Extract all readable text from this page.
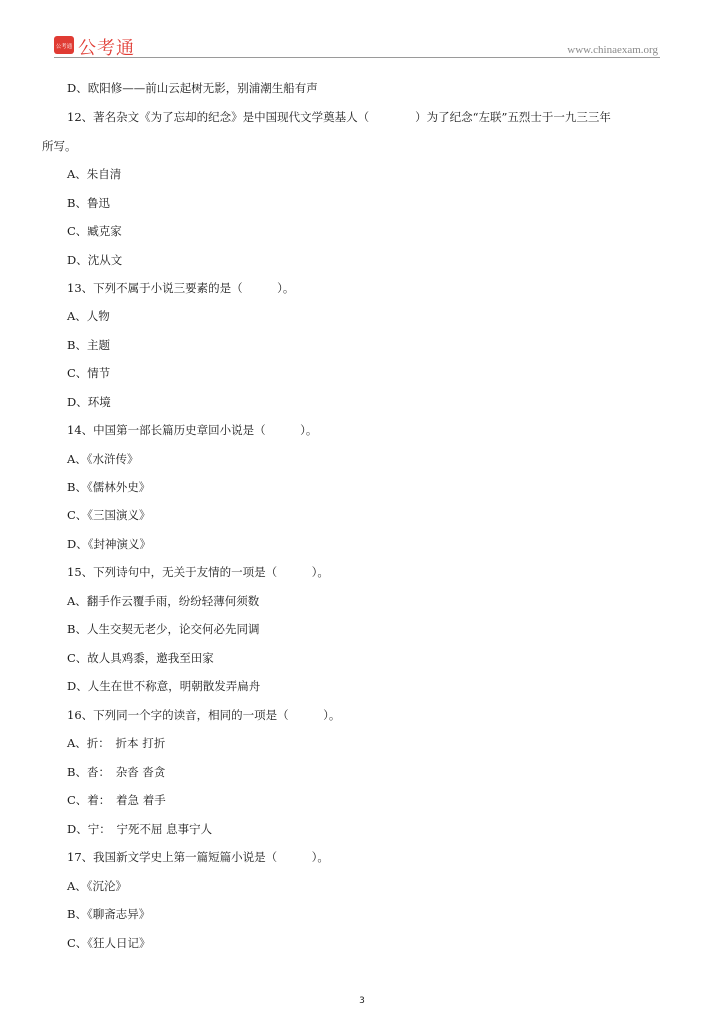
公考通 公考通	www.chinaexam.org
D、欧阳修——前山云起树无影，别浦潮生船有声
12、著名杂文《为了忘却的纪念》是中国现代文学奠基人（　　　　）为了纪念“左联”五烈士于一九三三年
所写。
A、朱自清
B、鲁迅
C、臧克家
D、沈从文
13、下列不属于小说三要素的是（　　　）。
A、人物
B、主题
C、情节
D、环境
14、中国第一部长篇历史章回小说是（　　　）。
A、《水浒传》
B、《儒林外史》
C、《三国演义》
D、《封神演义》
15、下列诗句中，无关于友情的一项是（　　　）。
A、翻手作云覆手雨，纷纷轻薄何须数
B、人生交契无老少，论交何必先同调
C、故人具鸡黍，邀我至田家
D、人生在世不称意，明朝散发弄扁舟
16、下列同一个字的读音，相同的一项是（　　　）。
A、折：　折本 打折
B、沓：　杂沓 沓贪
C、着：　着急 着手
D、宁：　宁死不屈 息事宁人
17、我国新文学史上第一篇短篇小说是（　　　）。
A、《沉沦》
B、《聊斋志异》
C、《狂人日记》
3
